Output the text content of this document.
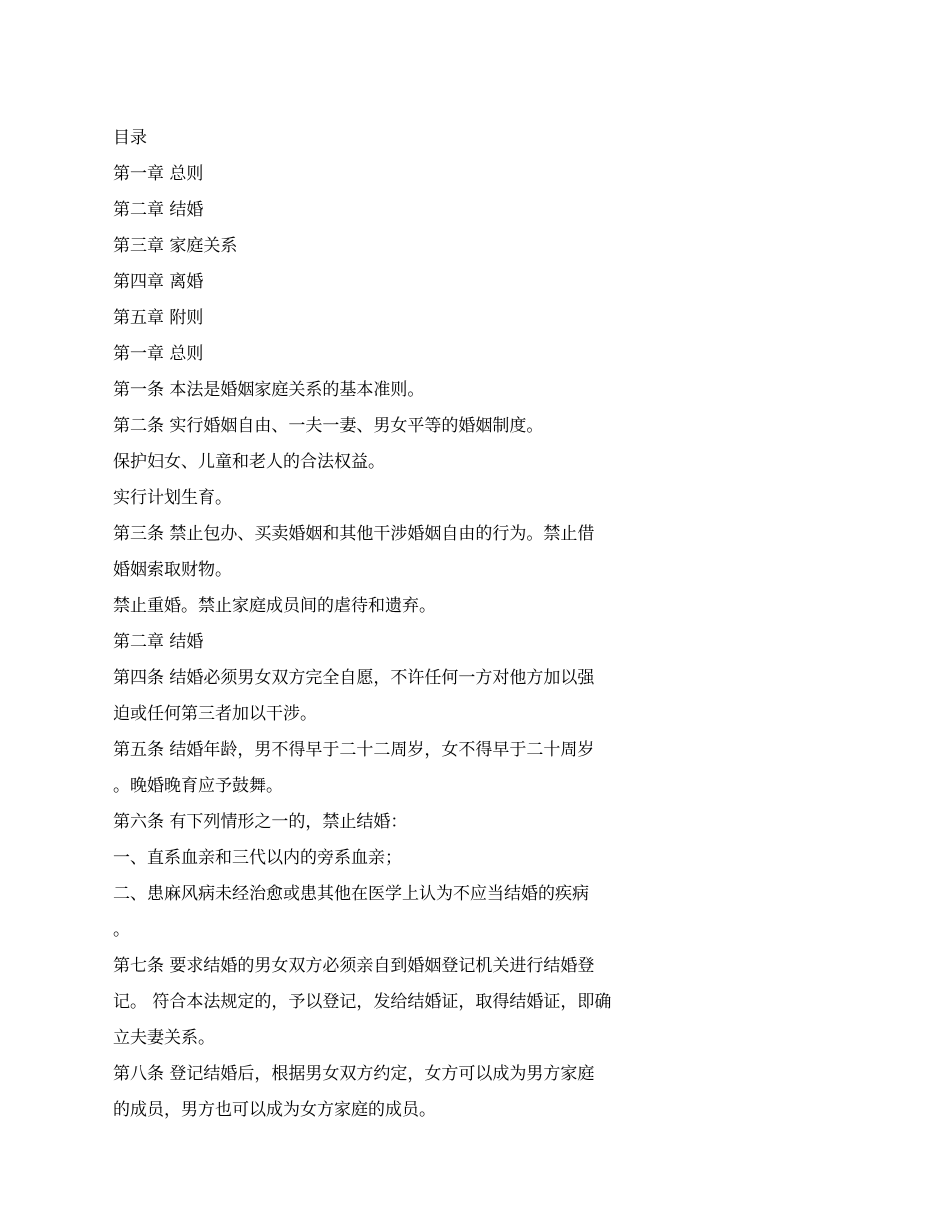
目录
第一章 总则
第二章 结婚
第三章 家庭关系
第四章 离婚
第五章 附则
第一章 总则
第一条 本法是婚姻家庭关系的基本准则。
第二条 实行婚姻自由、一夫一妻、男女平等的婚姻制度。
保护妇女、儿童和老人的合法权益。
实行计划生育。
第三条 禁止包办、买卖婚姻和其他干涉婚姻自由的行为。禁止借
婚姻索取财物。
禁止重婚。禁止家庭成员间的虐待和遗弃。
第二章 结婚
第四条 结婚必须男女双方完全自愿，不许任何一方对他方加以强
迫或任何第三者加以干涉。
第五条 结婚年龄，男不得早于二十二周岁，女不得早于二十周岁
。晚婚晚育应予鼓舞。
第六条 有下列情形之一的，禁止结婚：
一、直系血亲和三代以内的旁系血亲；
二、患麻风病未经治愈或患其他在医学上认为不应当结婚的疾病
。
第七条 要求结婚的男女双方必须亲自到婚姻登记机关进行结婚登
记。 符合本法规定的，予以登记，发给结婚证，取得结婚证，即确
立夫妻关系。
第八条 登记结婚后，根据男女双方约定，女方可以成为男方家庭
的成员，男方也可以成为女方家庭的成员。
